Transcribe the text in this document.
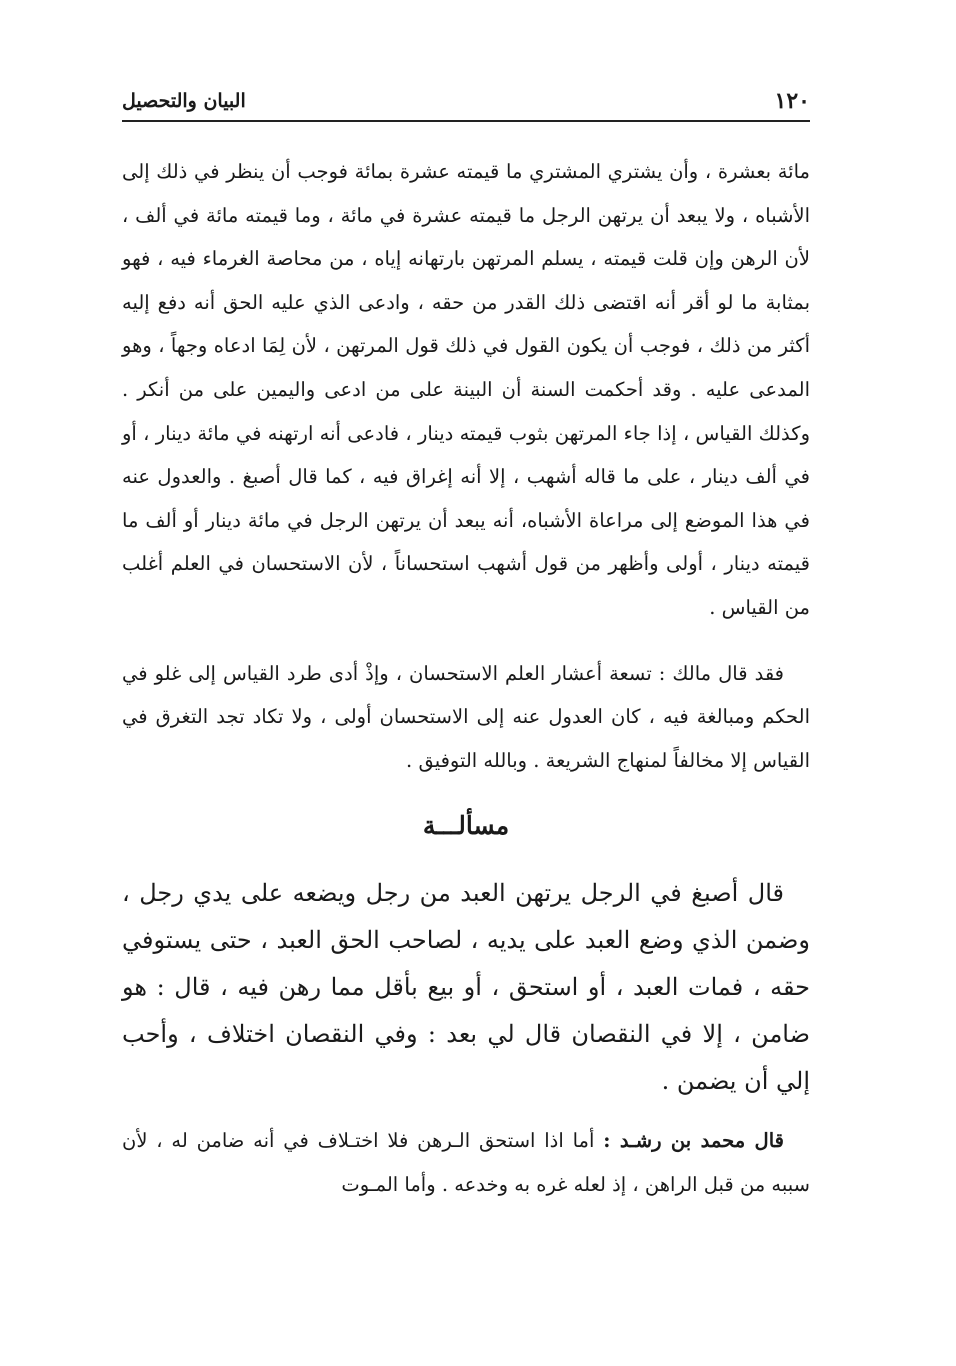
١٢٠
البيان والتحصيل

مائة بعشرة ، وأن يشتري المشتري ما قيمته عشرة بمائة فوجب أن ينظر في ذلك إلى الأشباه ، ولا يبعد أن يرتهن الرجل ما قيمته عشرة في مائة ، وما قيمته مائة في ألف ، لأن الرهن وإن قلت قيمته ، يسلم المرتهن بارتهانه إياه ، من محاصة الغرماء فيه ، فهو بمثابة ما لو أقر أنه اقتضى ذلك القدر من حقه ، وادعى الذي عليه الحق أنه دفع إليه أكثر من ذلك ، فوجب أن يكون القول في ذلك قول المرتهن ، لأن لِمَا ادعاه وجهاً ، وهو المدعى عليه . وقد أحكمت السنة أن البينة على من ادعى واليمين على من أنكر . وكذلك القياس ، إذا جاء المرتهن بثوب قيمته دينار ، فادعى أنه ارتهنه في مائة دينار ، أو في ألف دينار ، على ما قاله أشهب ، إلا أنه إغراق فيه ، كما قال أصبغ . والعدول عنه في هذا الموضع إلى مراعاة الأشباه، أنه يبعد أن يرتهن الرجل في مائة دينار أو ألف ما قيمته دينار ، أولى وأظهر من قول أشهب استحساناً ، لأن الاستحسان في العلم أغلب من القياس .

فقد قال مالك : تسعة أعشار العلم الاستحسان ، وإذْ أدى طرد القياس إلى غلو في الحكم ومبالغة فيه ، كان العدول عنه إلى الاستحسان أولى ، ولا تكاد تجد التغرق في القياس إلا مخالفاً لمنهاج الشريعة . وبالله التوفيق .

مسألـــة

قال أصبغ في الرجل يرتهن العبد من رجل ويضعه على يدي رجل ، وضمن الذي وضع العبد على يديه ، لصاحب الحق العبد ، حتى يستوفي حقه ، فمات العبد ، أو استحق ، أو بيع بأقل مما رهن فيه ، قال : هو ضامن ، إلا في النقصان قال لي بعد : وفي النقصان اختلاف ، وأحب إلي أن يضمن .

قال محمد بن رشـد : أما اذا استحق الـرهن فلا اختـلاف في أنه ضامن له ، لأن سببه من قبل الراهن ، إذ لعله غره به وخدعه . وأما المـوت
